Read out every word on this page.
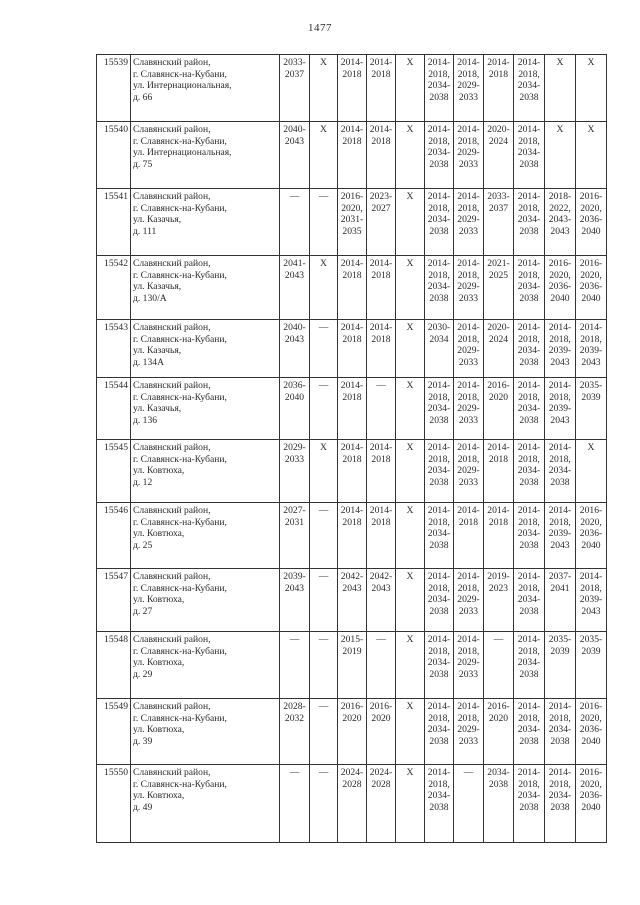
1477
15539	Славянский район,
г. Славянск-на-Кубани,
ул. Интернациональная,
д. 66	2033-
2037	X	2014-
2018	2014-
2018	X	2014-
2018,
2034-
2038	2014-
2018,
2029-
2033	2014-
2018	2014-
2018,
2034-
2038	X	X

15540	Славянский район,
г. Славянск-на-Кубани,
ул. Интернациональная,
д. 75	2040-
2043	X	2014-
2018	2014-
2018	X	2014-
2018,
2034-
2038	2014-
2018,
2029-
2033	2020-
2024	2014-
2018,
2034-
2038	X	X

15541	Славянский район,
г. Славянск-на-Кубани,
ул. Казачья,
д. 111	—	—	2016-
2020,
2031-
2035	2023-
2027	X	2014-
2018,
2034-
2038	2014-
2018,
2029-
2033	2033-
2037	2014-
2018,
2034-
2038	2018-
2022,
2043-
2043	2016-
2020,
2036-
2040

15542	Славянский район,
г. Славянск-на-Кубани,
ул. Казачья,
д. 130/А	2041-
2043	X	2014-
2018	2014-
2018	X	2014-
2018,
2034-
2038	2014-
2018,
2029-
2033	2021-
2025	2014-
2018,
2034-
2038	2016-
2020,
2036-
2040	2016-
2020,
2036-
2040

15543	Славянский район,
г. Славянск-на-Кубани,
ул. Казачья,
д. 134А	2040-
2043	—	2014-
2018	2014-
2018	X	2030-
2034	2014-
2018,
2029-
2033	2020-
2024	2014-
2018,
2034-
2038	2014-
2018,
2039-
2043	2014-
2018,
2039-
2043

15544	Славянский район,
г. Славянск-на-Кубани,
ул. Казачья,
д. 136	2036-
2040	—	2014-
2018	—	X	2014-
2018,
2034-
2038	2014-
2018,
2029-
2033	2016-
2020	2014-
2018,
2034-
2038	2014-
2018,
2039-
2043	2035-
2039

15545	Славянский район,
г. Славянск-на-Кубани,
ул. Ковтюха,
д. 12	2029-
2033	X	2014-
2018	2014-
2018	X	2014-
2018,
2034-
2038	2014-
2018,
2029-
2033	2014-
2018	2014-
2018,
2034-
2038	2014-
2018,
2034-
2038	X

15546	Славянский район,
г. Славянск-на-Кубани,
ул. Ковтюха,
д. 25	2027-
2031	—	2014-
2018	2014-
2018	X	2014-
2018,
2034-
2038	2014-
2018	2014-
2018	2014-
2018,
2034-
2038	2014-
2018,
2039-
2043	2016-
2020,
2036-
2040

15547	Славянский район,
г. Славянск-на-Кубани,
ул. Ковтюха,
д. 27	2039-
2043	—	2042-
2043	2042-
2043	X	2014-
2018,
2034-
2038	2014-
2018,
2029-
2033	2019-
2023	2014-
2018,
2034-
2038	2037-
2041	2014-
2018,
2039-
2043

15548	Славянский район,
г. Славянск-на-Кубани,
ул. Ковтюха,
д. 29	—	—	2015-
2019	—	X	2014-
2018,
2034-
2038	2014-
2018,
2029-
2033	—	2014-
2018,
2034-
2038	2035-
2039	2035-
2039

15549	Славянский район,
г. Славянск-на-Кубани,
ул. Ковтюха,
д. 39	2028-
2032	—	2016-
2020	2016-
2020	X	2014-
2018,
2034-
2038	2014-
2018,
2029-
2033	2016-
2020	2014-
2018,
2034-
2038	2014-
2018,
2034-
2038	2016-
2020,
2036-
2040

15550	Славянский район,
г. Славянск-на-Кубани,
ул. Ковтюха,
д. 49	—	—	2024-
2028	2024-
2028	X	2014-
2018,
2034-
2038	—	2034-
2038	2014-
2018,
2034-
2038	2014-
2018,
2034-
2038	2016-
2020,
2036-
2040
